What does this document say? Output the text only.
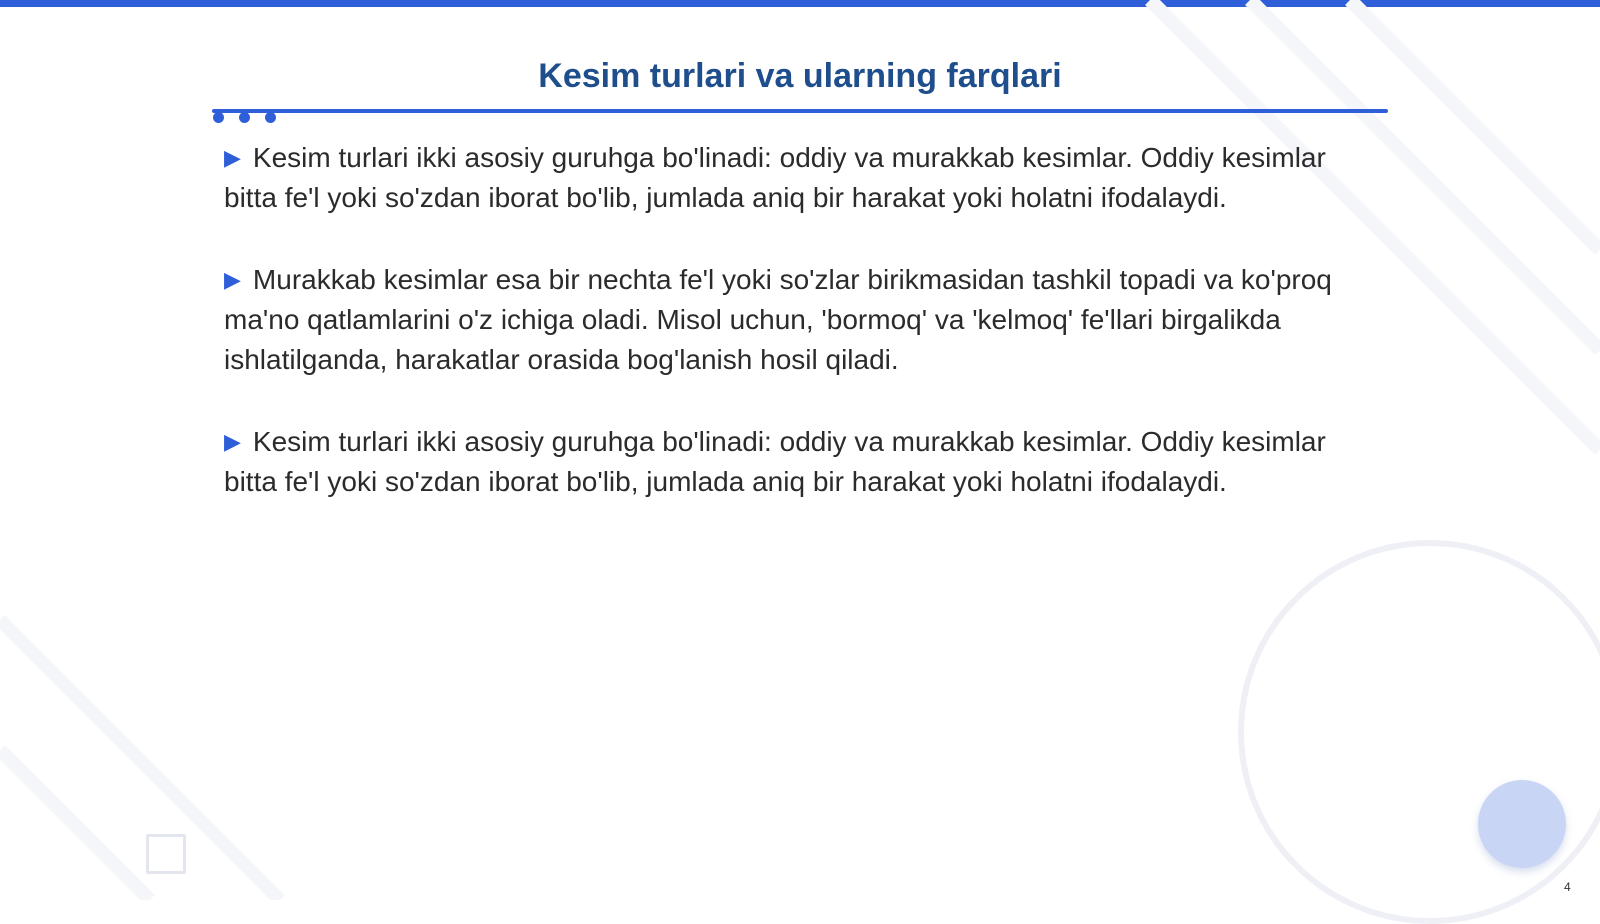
Kesim turlari va ularning farqlari

▶ Kesim turlari ikki asosiy guruhga bo'linadi: oddiy va murakkab kesimlar. Oddiy kesimlar bitta fe'l yoki so'zdan iborat bo'lib, jumlada aniq bir harakat yoki holatni ifodalaydi.

▶ Murakkab kesimlar esa bir nechta fe'l yoki so'zlar birikmasidan tashkil topadi va ko'proq ma'no qatlamlarini o'z ichiga oladi. Misol uchun, 'bormoq' va 'kelmoq' fe'llari birgalikda ishlatilganda, harakatlar orasida bog'lanish hosil qiladi.

▶ Kesim turlari ikki asosiy guruhga bo'linadi: oddiy va murakkab kesimlar. Oddiy kesimlar bitta fe'l yoki so'zdan iborat bo'lib, jumlada aniq bir harakat yoki holatni ifodalaydi.

4
